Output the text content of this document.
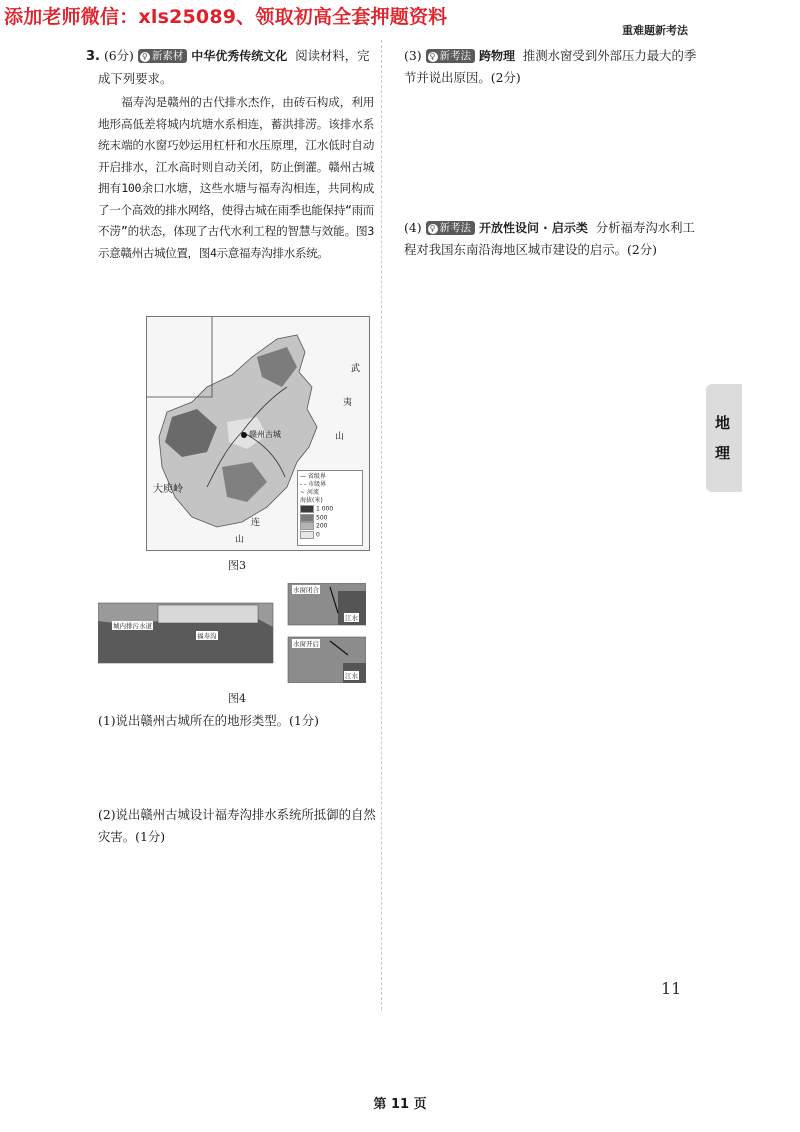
添加老师微信：xls25089、领取初高全套押题资料
重难题新考法

3. (6分) ♀ 新素材 中华优秀传统文化 阅读材料，完成下列要求。

福寿沟是赣州的古代排水杰作，由砖石构成，利用地形高低差将城内坑塘水系相连，蓄洪排涝。该排水系统末端的水窗巧妙运用杠杆和水压原理，江水低时自动开启排水，江水高时则自动关闭，防止倒灌。赣州古城拥有100余口水塘，这些水塘与福寿沟相连，共同构成了一个高效的排水网络，使得古城在雨季也能保持“雨而不涝”的状态，体现了古代水利工程的智慧与效能。图3示意赣州古城位置，图4示意福寿沟排水系统。

赣州古城
大庾岭
连
山
武
夷
山
— 省级界
- - 市级界
~ 河流
海拔(米)
1 000
500
200
0
图3
城内排污水道
福寿沟
水窗闭合
江水
水窗开启
江水
图4
(1)说出赣州古城所在的地形类型。(1分)
(2)说出赣州古城设计福寿沟排水系统所抵御的自然灾害。(1分)

(3) ♀ 新考法 跨物理 推测水窗受到外部压力最大的季节并说出原因。(2分)

(4) ♀ 新考法 开放性设问 · 启示类 分析福寿沟水利工程对我国东南沿海地区城市建设的启示。(2分)

地
理
11
第 11 页
